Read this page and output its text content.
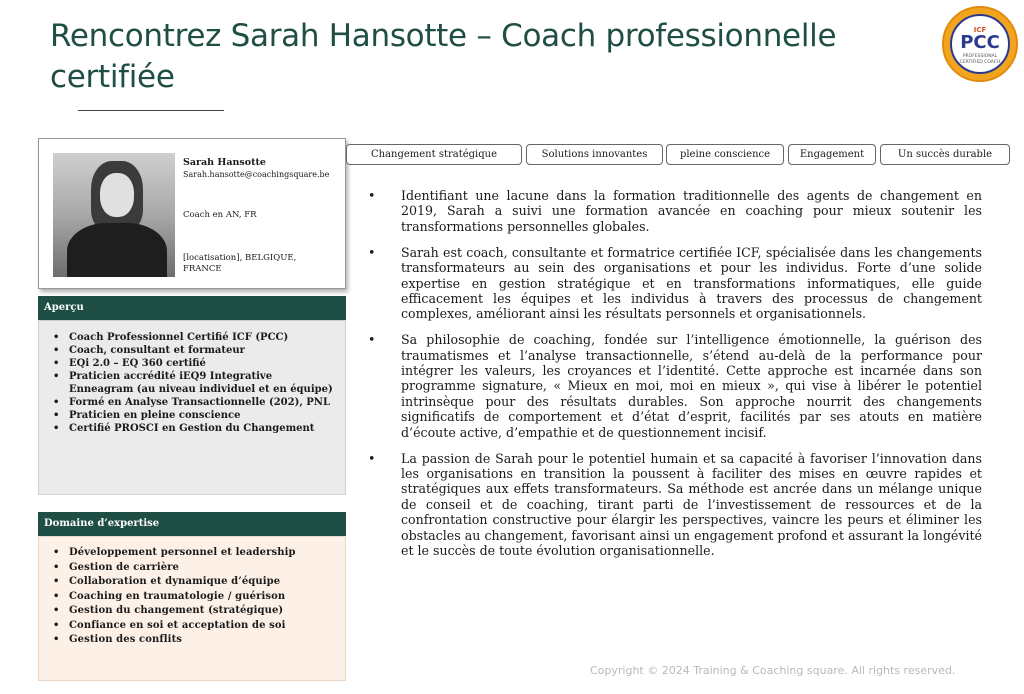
Rencontrez Sarah Hansotte – Coach professionnelle certifiée
ICF
PCC
PROFESSIONAL CERTIFIED COACH
Sarah Hansotte
Sarah.hansotte@coachingsquare.be
Coach en AN, FR
[locatisation], BELGIQUE, FRANCE
Aperçu
• Coach Professionnel Certifié ICF (PCC)
• Coach, consultant et formateur
• EQi 2.0 – EQ 360 certifié
• Praticien accrédité iEQ9 Integrative Enneagram (au niveau individuel et en équipe)
• Formé en Analyse Transactionnelle (202), PNL
• Praticien en pleine conscience
• Certifié PROSCI en Gestion du Changement
Domaine d’expertise
• Développement personnel et leadership
• Gestion de carrière
• Collaboration et dynamique d’équipe
• Coaching en traumatologie / guérison
• Gestion du changement (stratégique)
• Confiance en soi et acceptation de soi
• Gestion des conflits
Changement stratégique	Solutions innovantes	pleine conscience	Engagement	Un succès durable
• Identifiant une lacune dans la formation traditionnelle des agents de changement en 2019, Sarah a suivi une formation avancée en coaching pour mieux soutenir les transformations personnelles globales.
• Sarah est coach, consultante et formatrice certifiée ICF, spécialisée dans les changements transformateurs au sein des organisations et pour les individus. Forte d’une solide expertise en gestion stratégique et en transformations informatiques, elle guide efficacement les équipes et les individus à travers des processus de changement complexes, améliorant ainsi les résultats personnels et organisationnels.
• Sa philosophie de coaching, fondée sur l’intelligence émotionnelle, la guérison des traumatismes et l’analyse transactionnelle, s’étend au-delà de la performance pour intégrer les valeurs, les croyances et l’identité. Cette approche est incarnée dans son programme signature, « Mieux en moi, moi en mieux », qui vise à libérer le potentiel intrinsèque pour des résultats durables. Son approche nourrit des changements significatifs de comportement et d’état d’esprit, facilités par ses atouts en matière d’écoute active, d’empathie et de questionnement incisif.
• La passion de Sarah pour le potentiel humain et sa capacité à favoriser l’innovation dans les organisations en transition la poussent à faciliter des mises en œuvre rapides et stratégiques aux effets transformateurs. Sa méthode est ancrée dans un mélange unique de conseil et de coaching, tirant parti de l’investissement de ressources et de la confrontation constructive pour élargir les perspectives, vaincre les peurs et éliminer les obstacles au changement, favorisant ainsi un engagement profond et assurant la longévité et le succès de toute évolution organisationnelle.
Copyright © 2024 Training & Coaching square. All rights reserved.
